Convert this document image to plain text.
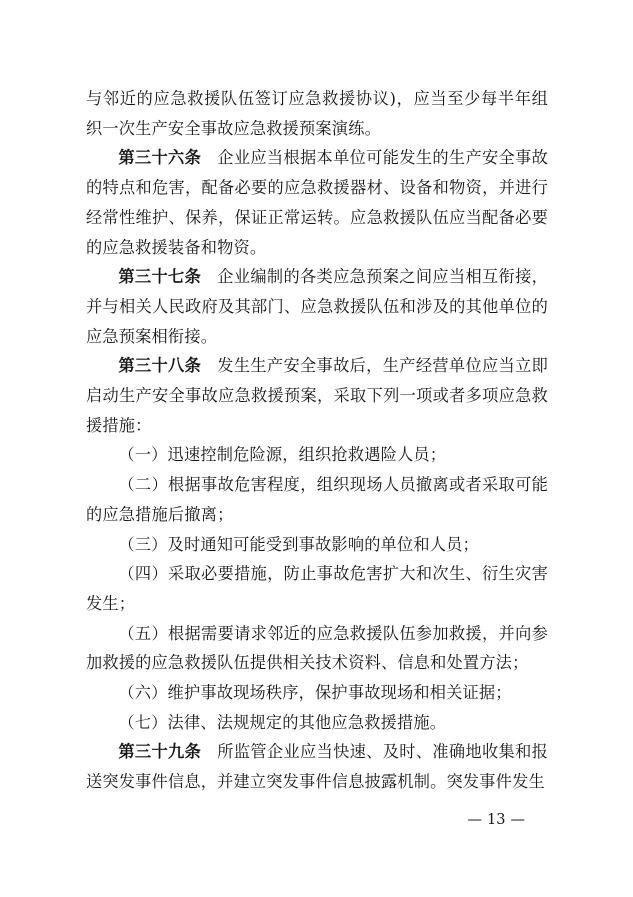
与邻近的应急救援队伍签订应急救援协议)，应当至少每半年组织一次生产安全事故应急救援预案演练。

第三十六条 企业应当根据本单位可能发生的生产安全事故的特点和危害，配备必要的应急救援器材、设备和物资，并进行经常性维护、保养，保证正常运转。应急救援队伍应当配备必要的应急救援装备和物资。

第三十七条 企业编制的各类应急预案之间应当相互衔接，并与相关人民政府及其部门、应急救援队伍和涉及的其他单位的应急预案相衔接。

第三十八条 发生生产安全事故后，生产经营单位应当立即启动生产安全事故应急救援预案，采取下列一项或者多项应急救援措施：

（一）迅速控制危险源，组织抢救遇险人员；

（二）根据事故危害程度，组织现场人员撤离或者采取可能的应急措施后撤离；

（三）及时通知可能受到事故影响的单位和人员；

（四）采取必要措施，防止事故危害扩大和次生、衍生灾害发生；

（五）根据需要请求邻近的应急救援队伍参加救援，并向参加救援的应急救援队伍提供相关技术资料、信息和处置方法；

（六）维护事故现场秩序，保护事故现场和相关证据；

（七）法律、法规规定的其他应急救援措施。

第三十九条 所监管企业应当快速、及时、准确地收集和报送突发事件信息，并建立突发事件信息披露机制。突发事件发生

— 13 —
